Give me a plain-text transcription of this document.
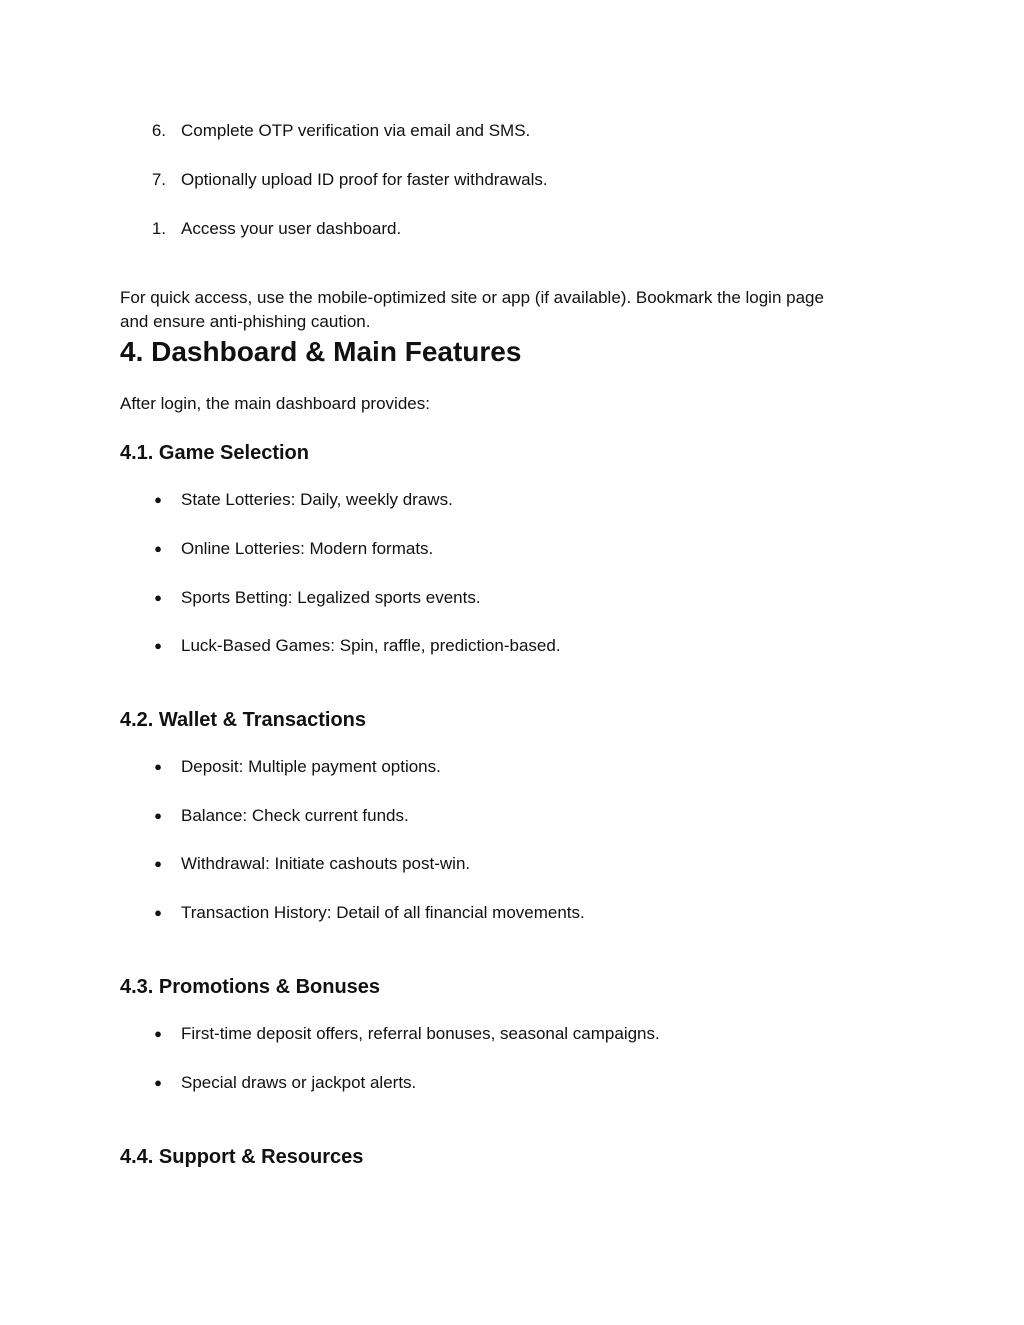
6. Complete OTP verification via email and SMS.
7. Optionally upload ID proof for faster withdrawals.
1. Access your user dashboard.
For quick access, use the mobile-optimized site or app (if available). Bookmark the login page
and ensure anti-phishing caution.
4. Dashboard & Main Features
After login, the main dashboard provides:
4.1. Game Selection
●	State Lotteries: Daily, weekly draws.
●	Online Lotteries: Modern formats.
●	Sports Betting: Legalized sports events.
●	Luck-Based Games: Spin, raffle, prediction-based.
4.2. Wallet & Transactions
●	Deposit: Multiple payment options.
●	Balance: Check current funds.
●	Withdrawal: Initiate cashouts post-win.
●	Transaction History: Detail of all financial movements.
4.3. Promotions & Bonuses
●	First-time deposit offers, referral bonuses, seasonal campaigns.
●	Special draws or jackpot alerts.
4.4. Support & Resources
